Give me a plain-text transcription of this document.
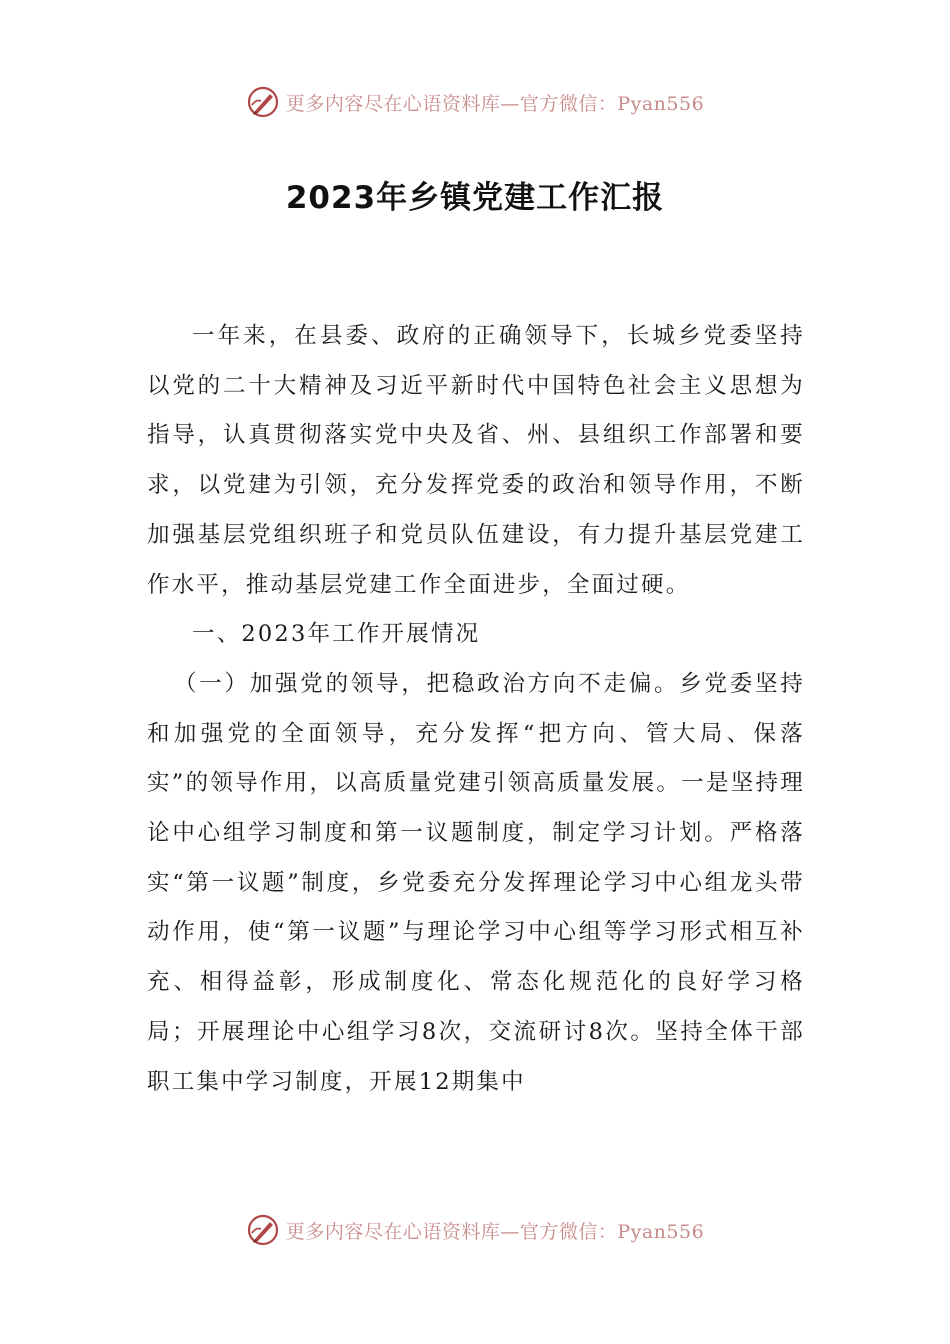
更多内容尽在心语资料库—官方微信：Pyan556
2023年乡镇党建工作汇报

一年来，在县委、政府的正确领导下，长城乡党委坚持以党的二十大精神及习近平新时代中国特色社会主义思想为指导，认真贯彻落实党中央及省、州、县组织工作部署和要求，以党建为引领，充分发挥党委的政治和领导作用，不断加强基层党组织班子和党员队伍建设，有力提升基层党建工作水平，推动基层党建工作全面进步，全面过硬。

一、2023年工作开展情况

（一）加强党的领导，把稳政治方向不走偏。乡党委坚持和加强党的全面领导，充分发挥“把方向、管大局、保落实”的领导作用，以高质量党建引领高质量发展。一是坚持理论中心组学习制度和第一议题制度，制定学习计划。严格落实“第一议题”制度，乡党委充分发挥理论学习中心组龙头带动作用，使“第一议题”与理论学习中心组等学习形式相互补充、相得益彰，形成制度化、常态化规范化的良好学习格局；开展理论中心组学习8次，交流研讨8次。坚持全体干部职工集中学习制度，开展12期集中

更多内容尽在心语资料库—官方微信：Pyan556
